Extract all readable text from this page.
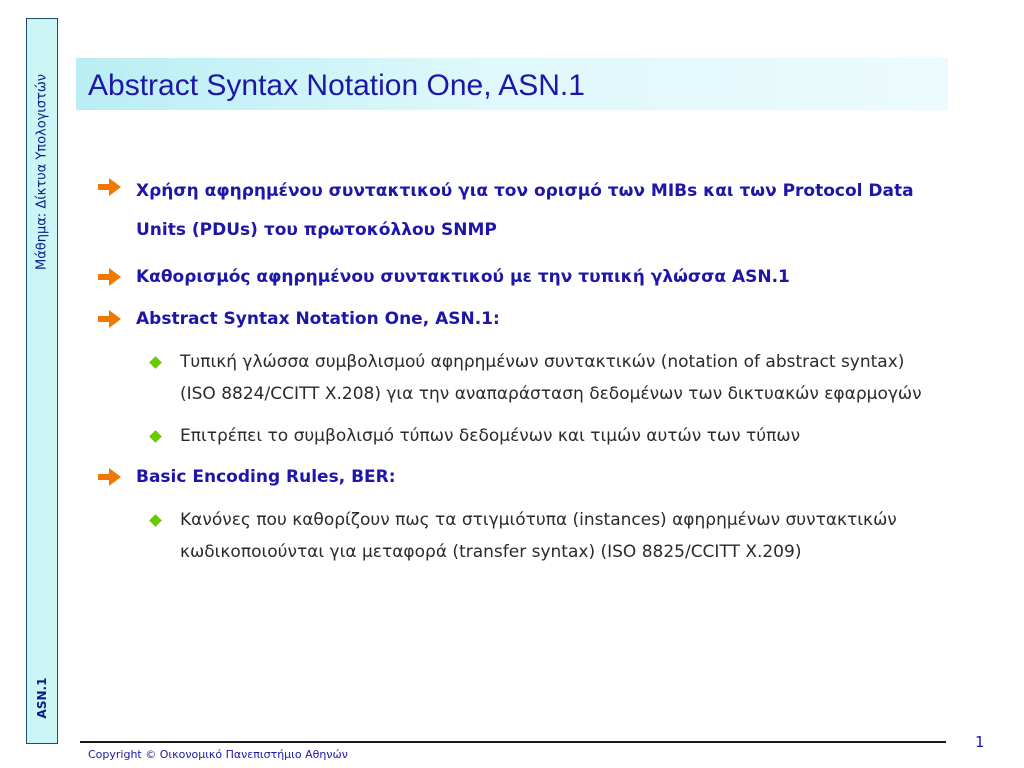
Μάθημα: Δίκτυα Υπολογιστών
ASN.1
Abstract Syntax Notation One, ASN.1
Χρήση αφηρημένου συντακτικού για τον ορισμό των MIBs και των Protocol Data Units (PDUs) του πρωτοκόλλου SNMP
Καθορισμός αφηρημένου συντακτικού με την τυπική γλώσσα ASN.1
Abstract Syntax Notation One, ASN.1:
Τυπική γλώσσα συμβολισμού αφηρημένων συντακτικών (notation of abstract syntax) (ISO 8824/CCITT X.208) για την αναπαράσταση δεδομένων των δικτυακών εφαρμογών
Επιτρέπει το συμβολισμό τύπων δεδομένων και τιμών αυτών των τύπων
Basic Encoding Rules, BER:
Κανόνες που καθορίζουν πως τα στιγμιότυπα (instances) αφηρημένων συντακτικών κωδικοποιούνται για μεταφορά (transfer syntax) (ISO 8825/CCITT X.209)
Copyright © Οικονομικό Πανεπιστήμιο Αθηνών
1
